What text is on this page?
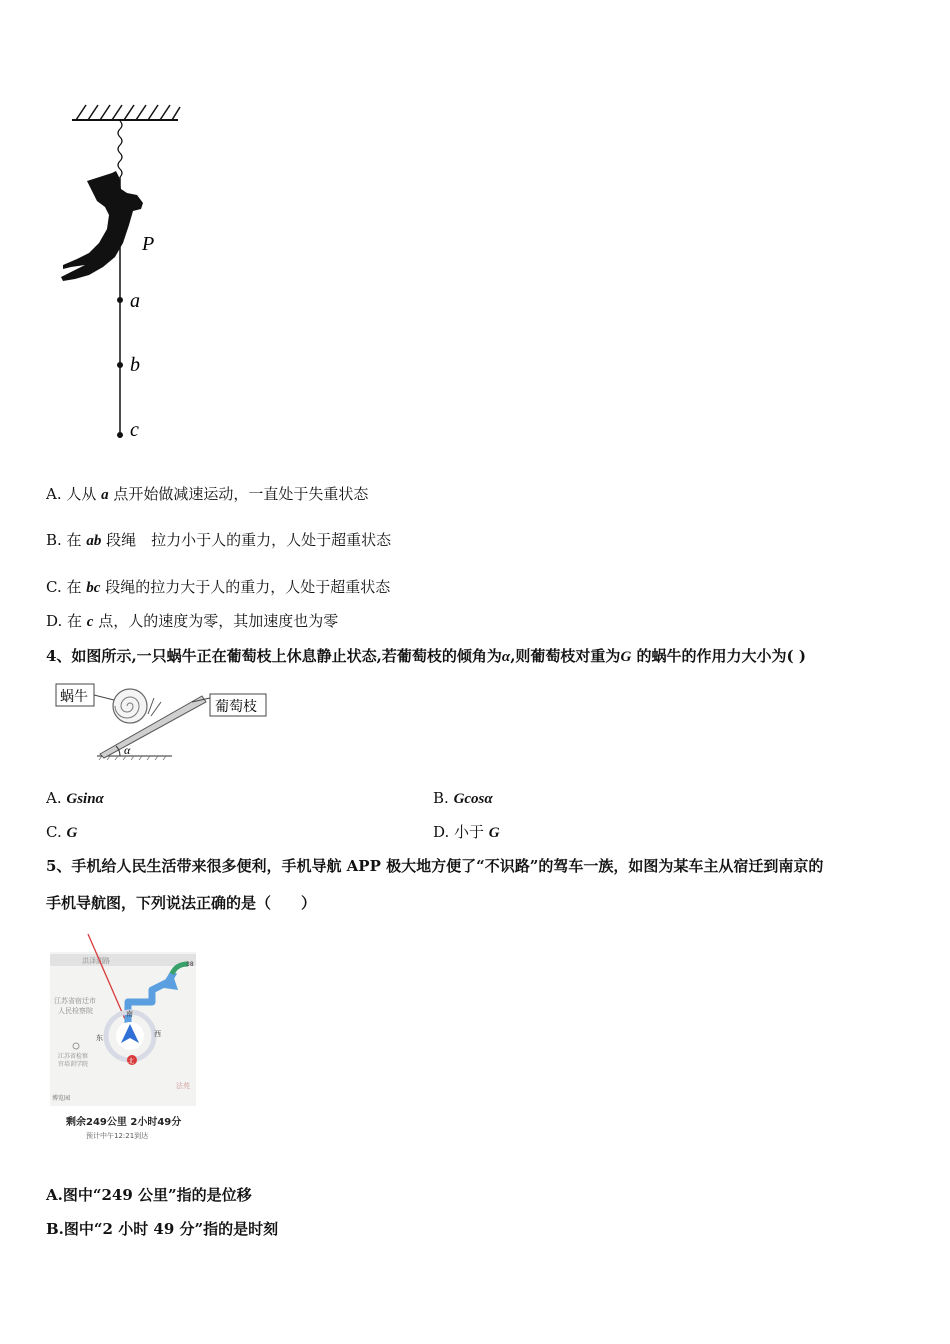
P
a
b
c
A. 人从 a 点开始做减速运动，一直处于失重状态
B. 在 ab 段绳　拉力小于人的重力，人处于超重状态
C. 在 bc 段绳的拉力大于人的重力，人处于超重状态
D. 在 c 点，人的速度为零，其加速度也为零
4、如图所示,一只蜗牛正在葡萄枝上休息静止状态,若葡萄枝的倾角为α,则葡萄枝对重为G 的蜗牛的作用力大小为( )
α
蜗牛
葡萄枝
A. Gsinα	B. Gcosα
C. G	D. 小于 G
5、手机给人民生活带来很多便利，手机导航 APP 极大地方便了“不识路”的驾车一族，如图为某车主从宿迁到南京的
手机导航图，下列说法正确的是（　　）
洪泽湖路	38
江苏省宿迁市
人民检察院
江苏省检察
官培训学院
法苑
博览园
南
东	西
北
剩余249公里 2小时49分
预计中午12:21到达
A.图中“249 公里”指的是位移
B.图中“2 小时 49 分”指的是时刻
